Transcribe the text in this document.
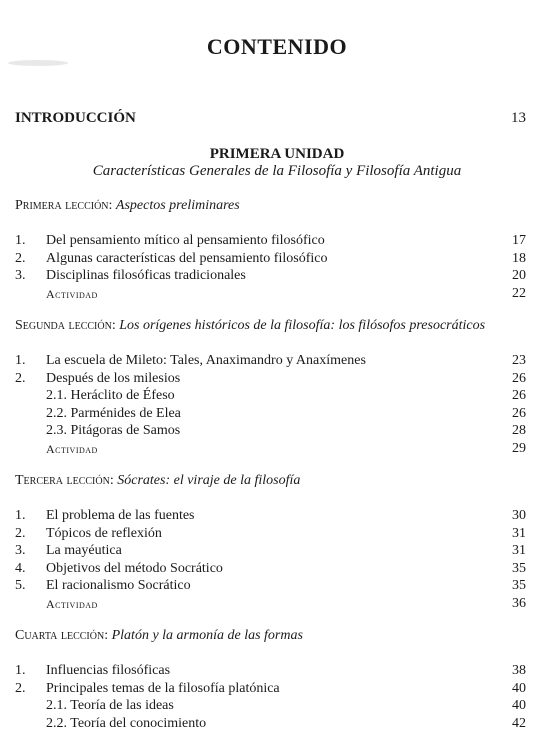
CONTENIDO
INTRODUCCIÓN	13
PRIMERA UNIDAD
Características Generales de la Filosofía y Filosofía Antigua
Primera lección: Aspectos preliminares
1. Del pensamiento mítico al pensamiento filosófico	17
2. Algunas características del pensamiento filosófico	18
3. Disciplinas filosóficas tradicionales	20
Actividad	22
Segunda lección: Los orígenes históricos de la filosofía: los filósofos presocráticos
1. La escuela de Mileto: Tales, Anaximandro y Anaxímenes	23
2. Después de los milesios	26
2.1. Heráclito de Éfeso	26
2.2. Parménides de Elea	26
2.3. Pitágoras de Samos	28
Actividad	29
Tercera lección: Sócrates: el viraje de la filosofía
1. El problema de las fuentes	30
2. Tópicos de reflexión	31
3. La mayéutica	31
4. Objetivos del método Socrático	35
5. El racionalismo Socrático	35
Actividad	36
Cuarta lección: Platón y la armonía de las formas
1. Influencias filosóficas	38
2. Principales temas de la filosofía platónica	40
2.1. Teoría de las ideas	40
2.2. Teoría del conocimiento	42
